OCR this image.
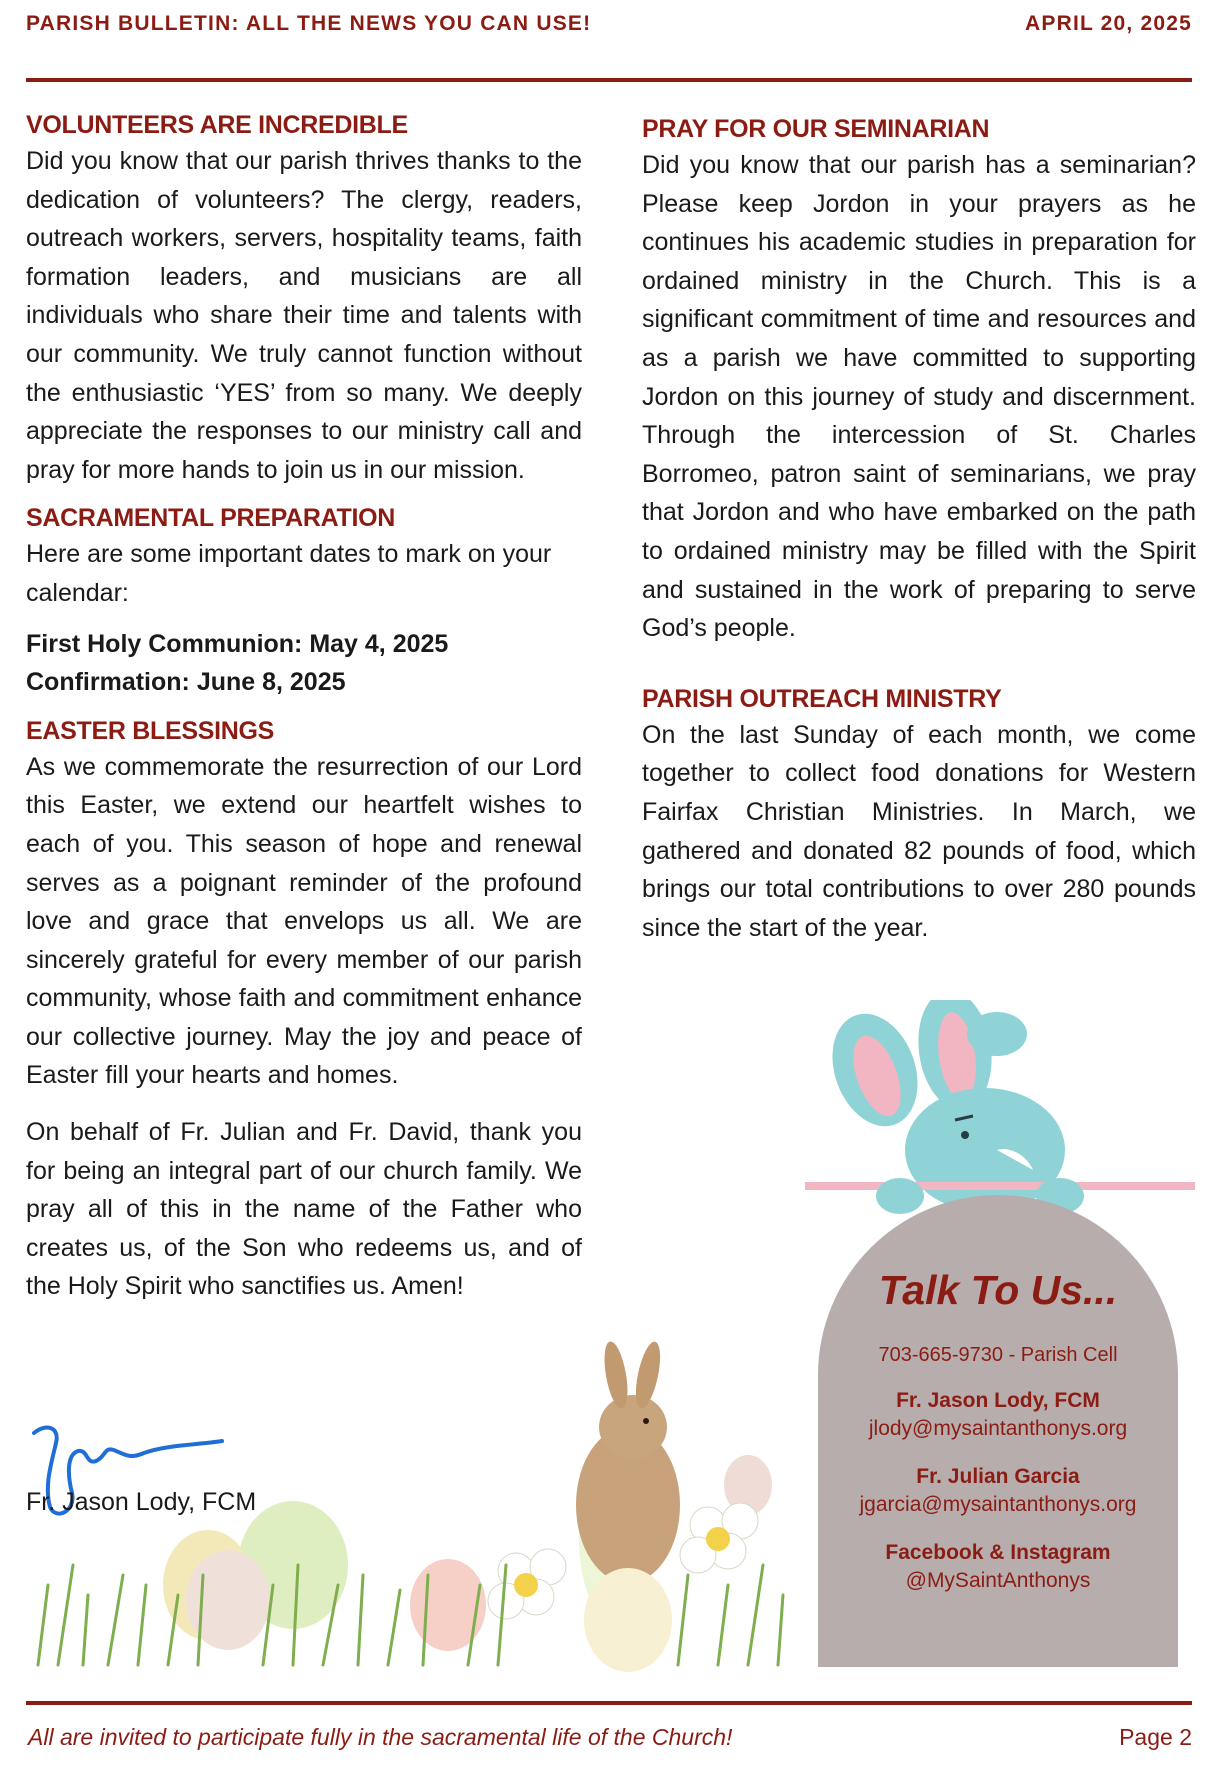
PARISH BULLETIN: ALL THE NEWS YOU CAN USE!	APRIL 20, 2025
VOLUNTEERS ARE INCREDIBLE

Did you know that our parish thrives thanks to the dedication of volunteers? The clergy, readers, outreach workers, servers, hospitality teams, faith formation leaders, and musicians are all individuals who share their time and talents with our community. We truly cannot function without the enthusiastic ‘YES’ from so many. We deeply appreciate the responses to our ministry call and pray for more hands to join us in our mission.

SACRAMENTAL PREPARATION

Here are some important dates to mark on your calendar:

First Holy Communion: May 4, 2025

Confirmation: June 8, 2025

EASTER BLESSINGS

As we commemorate the resurrection of our Lord this Easter, we extend our heartfelt wishes to each of you. This season of hope and renewal serves as a poignant reminder of the profound love and grace that envelops us all. We are sincerely grateful for every member of our parish community, whose faith and commitment enhance our collective journey. May the joy and peace of Easter fill your hearts and homes.

On behalf of Fr. Julian and Fr. David, thank you for being an integral part of our church family. We pray all of this in the name of the Father who creates us, of the Son who redeems us, and of the Holy Spirit who sanctifies us. Amen!

Fr. Jason Lody, FCM
PRAY FOR OUR SEMINARIAN

Did you know that our parish has a seminarian? Please keep Jordon in your prayers as he continues his academic studies in preparation for ordained ministry in the Church. This is a significant commitment of time and resources and as a parish we have committed to supporting Jordon on this journey of study and discernment. Through the intercession of St. Charles Borromeo, patron saint of seminarians, we pray that Jordon and who have embarked on the path to ordained ministry may be filled with the Spirit and sustained in the work of preparing to serve God’s people.

PARISH OUTREACH MINISTRY

On the last Sunday of each month, we come together to collect food donations for Western Fairfax Christian Ministries. In March, we gathered and donated 82 pounds of food, which brings our total contributions to over 280 pounds since the start of the year.

Talk To Us...
703-665-9730 - Parish Cell
Fr. Jason Lody, FCM
jlody@mysaintanthonys.org
Fr. Julian Garcia
jgarcia@mysaintanthonys.org
Facebook & Instagram
@MySaintAnthonys
All are invited to participate fully in the sacramental life of the Church!	Page 2
